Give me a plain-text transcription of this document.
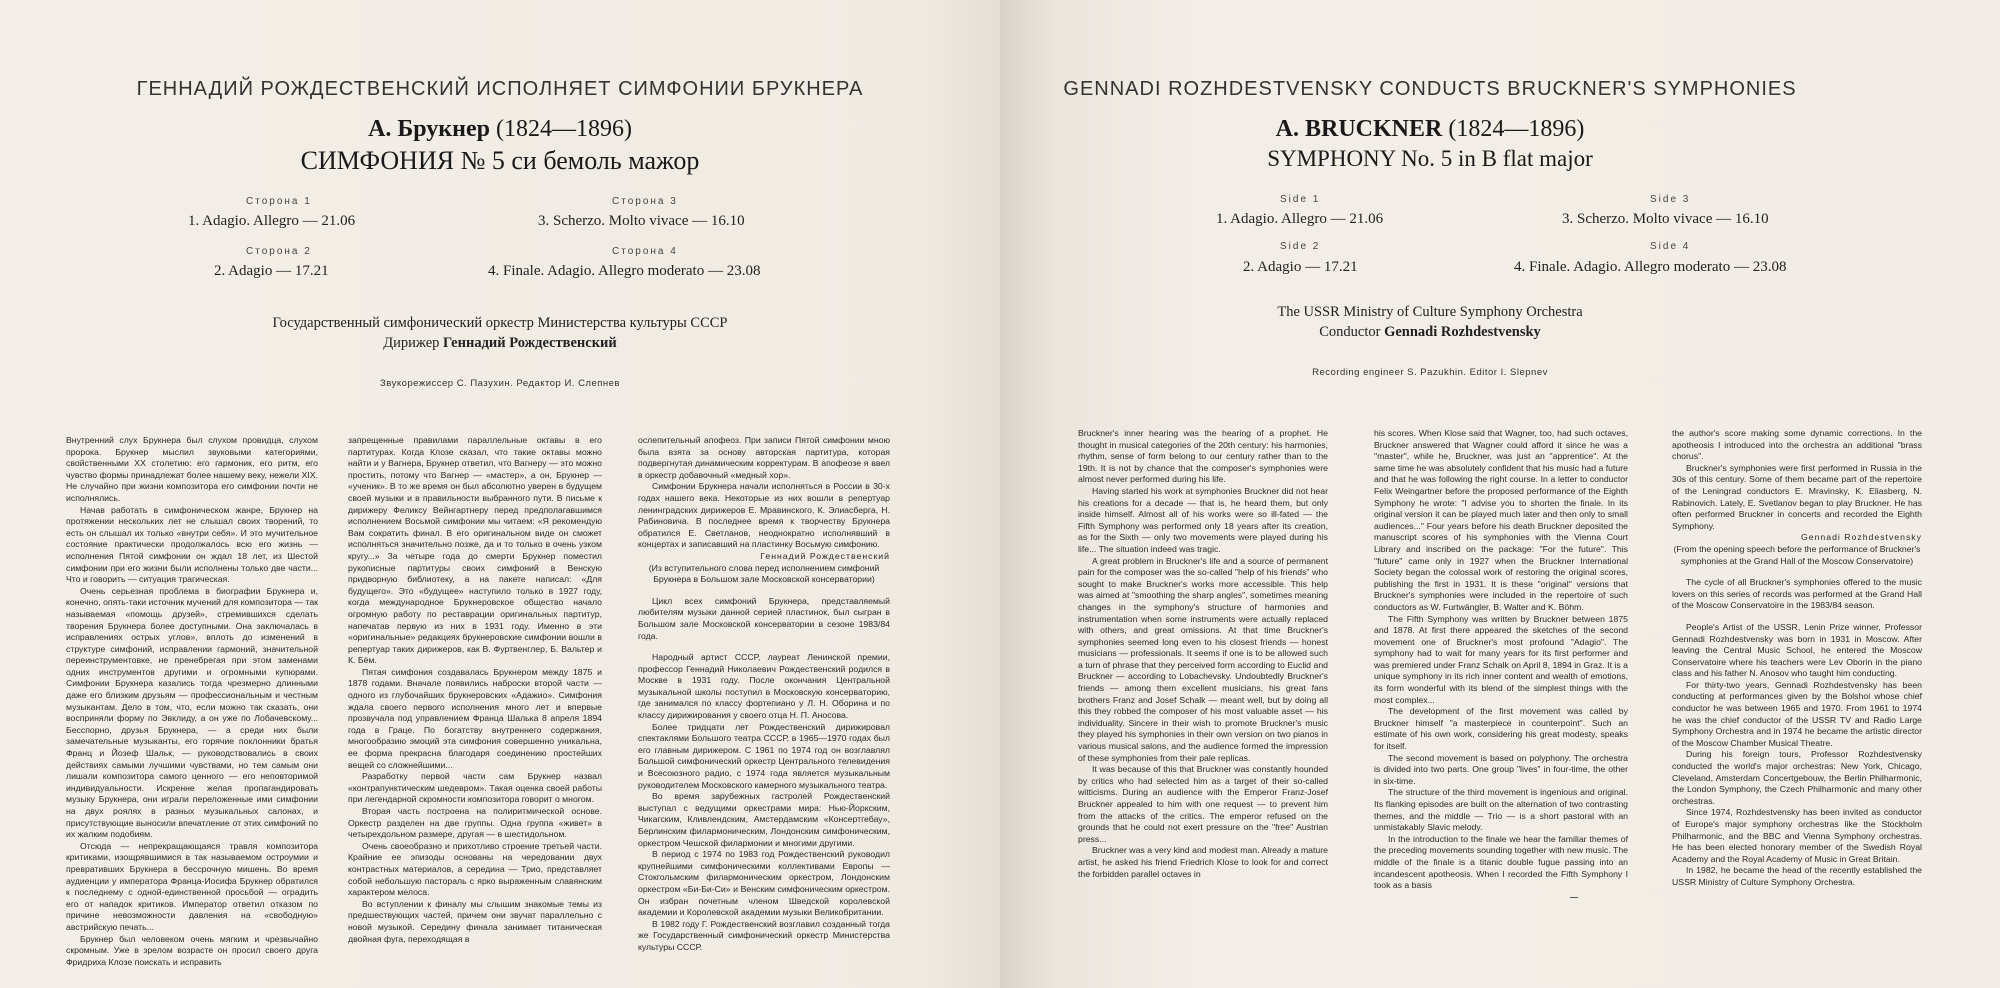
ГЕННАДИЙ РОЖДЕСТВЕНСКИЙ ИСПОЛНЯЕТ СИМФОНИИ БРУКНЕРА
А. Брукнер (1824—1896)
СИМФОНИЯ № 5 си бемоль мажор
Сторона 1
1. Adagio. Allegro — 21.06
Сторона 2
2. Adagio — 17.21
Сторона 3
3. Scherzo. Molto vivace — 16.10
Сторона 4
4. Finale. Adagio. Allegro moderato — 23.08
Государственный симфонический оркестр Министерства культуры СССР
Дирижер Геннадий Рождественский
Звукорежиссер С. Пазухин. Редактор И. Слепнев

Внутренний слух Брукнера был слухом провидца, слухом пророка. Брукнер мыслил звуковыми категориями, свойственными XX столетию: его гармоник, его ритм, его чувство формы принадлежат более нашему веку, нежели XIX. Не случайно при жизни композитора его симфонии почти не исполнялись.

Начав работать в симфоническом жанре, Брукнер на протяжении нескольких лет не слышал своих творений, то есть он слышал их только «внутри себя». И это мучительное состояние практически продолжалось всю его жизнь — исполнения Пятой симфонии он ждал 18 лет, из Шестой симфонии при его жизни были исполнены только две части... Что и говорить — ситуация трагическая.

Очень серьезная проблема в биографии Брукнера и, конечно, опять-таки источник мучений для композитора — так называемая «помощь друзей», стремившихся сделать творения Брукнера более доступными. Она заключалась в исправлениях острых углов», вплоть до изменений в структуре симфоний, исправлении гармоний, значительной переинструментовке, не пренебрегая при этом заменами одних инструментов другими и огромными купюрами. Симфонии Брукнера казались тогда чрезмерно длинными даже его близким друзьям — профессиональным и честным музыкантам. Дело в том, что, если можно так сказать, они восприняли форму по Эвклиду, а он уже по Лобачевскому... Бесспорно, друзья Брукнера, — а среди них были замечательные музыканты, его горячие поклонники братья Франц и Йозеф Шальк, — руководствовались в своих действиях самыми лучшими чувствами, но тем самым они лишали композитора самого ценного — его неповторимой индивидуальности. Искренне желая пропагандировать музыку Брукнера, они играли переложенные ими симфонии на двух роялях в разных музыкальных салонах, и присутствующие выносили впечатление от этих симфоний по их жалким подобиям.

Отсюда — непрекращающаяся травля композитора критиками, изощрявшимися в так называемом остроумии и превративших Брукнера в бессрочную мишень. Во время аудиенции у императора Франца-Иосифа Брукнер обратился к последнему с одной-единственной просьбой — оградить его от нападок критиков. Император ответил отказом по причине невозможности давления на «свободную» австрийскую печать...

Брукнер был человеком очень мягким и чрезвычайно скромным. Уже в зрелом возрасте он просил своего друга Фридриха Клозе поискать и исправить

запрещенные правилами параллельные октавы в его партитурах. Когда Клозе сказал, что такие октавы можно найти и у Вагнера, Брукнер ответил, что Вагнеру — это можно простить, потому что Вагнер — «мастер», а он, Брукнер — «ученик». В то же время он был абсолютно уверен в будущем своей музыки и в правильности выбранного пути. В письме к дирижеру Феликсу Вейнгартнеру перед предполагавшимся исполнением Восьмой симфонии мы читаем: «Я рекомендую Вам сократить финал. В его оригинальном виде он сможет исполняться значительно позже, да и то только в очень узком кругу...» За четыре года до смерти Брукнер поместил рукописные партитуры своих симфоний в Венскую придворную библиотеку, а на пакете написал: «Для будущего». Это «будущее» наступило только в 1927 году, когда международное Брукнеровское общество начало огромную работу по реставрации оригинальных партитур, напечатав первую из них в 1931 году. Именно в эти «оригинальные» редакциях брукнеровские симфонии вошли в репертуар таких дирижеров, как В. Фуртвенглер, Б. Вальтер и К. Бём.

Пятая симфония создавалась Брукнером между 1875 и 1878 годами. Вначале появились наброски второй части — одного из глубочайших брукнеровских «Адажио». Симфония ждала своего первого исполнения много лет и впервые прозвучала под управлением Франца Шалька 8 апреля 1894 года в Граце. По богатству внутреннего содержания, многообразию эмоций эта симфония совершенно уникальна, ее форма прекрасна благодаря соединению простейших вещей со сложнейшими...

Разработку первой части сам Брукнер назвал «контрапунктическим шедевром». Такая оценка своей работы при легендарной скромности композитора говорит о многом.

Вторая часть построена на полиритмической основе. Оркестр разделен на две группы. Одна группа «живет» в четырехдольном размере, другая — в шестидольном.

Очень своеобразно и прихотливо строение третьей части. Крайние ее эпизоды основаны на чередовании двух контрастных материалов, а середина — Трио, представляет собой небольшую пастораль с ярко выраженным славянским характером мелоса.

Во вступлении к финалу мы слышим знакомые темы из предшествующих частей, причем они звучат параллельно с новой музыкой. Середину финала занимает титаническая двойная фуга, переходящая в

ослепительный апофеоз. При записи Пятой симфонии мною была взята за основу авторская партитура, которая подвергнутая динамическим корректурам. В апофеозе я ввел в оркестр добавочный «медный хор».

Симфонии Брукнера начали исполняться в России в 30-х годах нашего века. Некоторые из них вошли в репертуар ленинградских дирижеров Е. Мравинского, К. Элиасберга, Н. Рабиновича. В последнее время к творчеству Брукнера обратился Е. Светланов, неоднократно исполнявший в концертах и записавший на пластинку Восьмую симфонию.

Геннадий Рождественский

(Из вступительного слова перед исполнением симфоний Брукнера в Большом зале Московской консерватории)

Цикл всех симфоний Брукнера, представляемый любителям музыки данной серией пластинок, был сыгран в Большом зале Московской консерватории в сезоне 1983/84 года.

Народный артист СССР, лауреат Ленинской премии, профессор Геннадий Николаевич Рождественский родился в Москве в 1931 году. После окончания Центральной музыкальной школы поступил в Московскую консерваторию, где занимался по классу фортепиано у Л. Н. Оборина и по классу дирижирования у своего отца Н. П. Аносова.

Более тридцати лет Рождественский дирижировал спектаклями Большого театра СССР, в 1965—1970 годах был его главным дирижером. С 1961 по 1974 год он возглавлял Большой симфонический оркестр Центрального телевидения и Всесоюзного радио, с 1974 года является музыкальным руководителем Московского камерного музыкального театра.

Во время зарубежных гастролей Рождественский выступал с ведущими оркестрами мира: Нью-Йоркским, Чикагским, Кливлендским, Амстердамским «Консертгебау», Берлинским филармоническим, Лондонским симфоническим, оркестром Чешской филармонии и многими другими.

В период с 1974 по 1983 год Рождественский руководил крупнейшими симфоническими коллективами Европы — Стокгольмским филармоническим оркестром, Лондонским оркестром «Би-Би-Си» и Венским симфоническим оркестром. Он избран почетным членом Шведской королевской академии и Королевской академии музыки Великобритании.

В 1982 году Г. Рождественский возглавил созданный тогда же Государственный симфонический оркестр Министерства культуры СССР.

GENNADI ROZHDESTVENSKY CONDUCTS BRUCKNER'S SYMPHONIES
A. BRUCKNER (1824—1896)
SYMPHONY No. 5 in B flat major
Side 1
1. Adagio. Allegro — 21.06
Side 2
2. Adagio — 17.21
Side 3
3. Scherzo. Molto vivace — 16.10
Side 4
4. Finale. Adagio. Allegro moderato — 23.08
The USSR Ministry of Culture Symphony Orchestra
Conductor Gennadi Rozhdestvensky
Recording engineer S. Pazukhin. Editor I. Slepnev

Bruckner's inner hearing was the hearing of a prophet. He thought in musical categories of the 20th century: his harmonies, rhythm, sense of form belong to our century rather than to the 19th. It is not by chance that the composer's symphonies were almost never performed during his life.

Having started his work at symphonies Bruckner did not hear his creations for a decade — that is, he heard them, but only inside himself. Almost all of his works were so ill-fated — the Fifth Symphony was performed only 18 years after its creation, as for the Sixth — only two movements were played during his life... The situation indeed was tragic.

A great problem in Bruckner's life and a source of permanent pain for the composer was the so-called "help of his friends" who sought to make Bruckner's works more accessible. This help was aimed at "smoothing the sharp angles", sometimes meaning changes in the symphony's structure of harmonies and instrumentation when some instruments were actually replaced with others, and great omissions. At that time Bruckner's symphonies seemed long even to his closest friends — honest musicians — professionals. It seems if one is to be allowed such a turn of phrase that they perceived form according to Euclid and Bruckner — according to Lobachevsky. Undoubtedly Bruckner's friends — among them excellent musicians, his great fans brothers Franz and Josef Schalk — meant well, but by doing all this they robbed the composer of his most valuable asset — his individuality. Sincere in their wish to promote Bruckner's music they played his symphonies in their own version on two pianos in various musical salons, and the audience formed the impression of these symphonies from their pale replicas.

It was because of this that Bruckner was constantly hounded by critics who had selected him as a target of their so-called witticisms. During an audience with the Emperor Franz-Josef Bruckner appealed to him with one request — to prevent him from the attacks of the critics. The emperor refused on the grounds that he could not exert pressure on the "free" Austrian press...

Bruckner was a very kind and modest man. Already a mature artist, he asked his friend Friedrich Klose to look for and correct the forbidden parallel octaves in

his scores. When Klose said that Wagner, too, had such octaves, Bruckner answered that Wagner could afford it since he was a "master", while he, Bruckner, was just an "apprentice". At the same time he was absolutely confident that his music had a future and that he was following the right course. In a letter to conductor Felix Weingartner before the proposed performance of the Eighth Symphony he wrote: "I advise you to shorten the finale. In its original version it can be played much later and then only to small audiences..." Four years before his death Bruckner deposited the manuscript scores of his symphonies with the Vienna Court Library and inscribed on the package: "For the future". This "future" came only in 1927 when the Bruckner International Society began the colossal work of restoring the original scores, publishing the first in 1931. It is these "original" versions that Bruckner's symphonies were included in the repertoire of such conductors as W. Furtwängler, B. Walter and K. Böhm.

The Fifth Symphony was written by Bruckner between 1875 and 1878. At first there appeared the sketches of the second movement one of Bruckner's most profound "Adagio". The symphony had to wait for many years for its first performer and was premiered under Franz Schalk on April 8, 1894 in Graz. It is a unique symphony in its rich inner content and wealth of emotions, its form wonderful with its blend of the simplest things with the most complex...

The development of the first movement was called by Bruckner himself "a masterpiece in counterpoint". Such an estimate of his own work, considering his great modesty, speaks for itself.

The second movement is based on polyphony. The orchestra is divided into two parts. One group "lives" in four-time, the other in six-time.

The structure of the third movement is ingenious and original. Its flanking episodes are built on the alternation of two contrasting themes, and the middle — Trio — is a short pastoral with an unmistakably Slavic melody.

In the introduction to the finale we hear the familiar themes of the preceding movements sounding together with new music. The middle of the finale is a titanic double fugue passing into an incandescent apotheosis. When I recorded the Fifth Symphony I took as a basis

the author's score making some dynamic corrections. In the apotheosis I introduced into the orchestra an additional "brass chorus".

Bruckner's symphonies were first performed in Russia in the 30s of this century. Some of them became part of the repertoire of the Leningrad conductors E. Mravinsky, K. Eliasberg, N. Rabinovich. Lately, E. Svetlanov began to play Bruckner. He has often performed Bruckner in concerts and recorded the Eighth Symphony.

Gennadi Rozhdestvensky

(From the opening speech before the performance of Bruckner's symphonies at the Grand Hall of the Moscow Conservatoire)

The cycle of all Bruckner's symphonies offered to the music lovers on this series of records was performed at the Grand Hall of the Moscow Conservatoire in the 1983/84 season.

People's Artist of the USSR, Lenin Prize winner, Professor Gennadi Rozhdestvensky was born in 1931 in Moscow. After leaving the Central Music School, he entered the Moscow Conservatoire where his teachers were Lev Oborin in the piano class and his father N. Anosov who taught him conducting.

For thirty-two years, Gennadi Rozhdestvensky has been conducting at performances given by the Bolshoi whose chief conductor he was between 1965 and 1970. From 1961 to 1974 he was the chief conductor of the USSR TV and Radio Large Symphony Orchestra and in 1974 he became the artistic director of the Moscow Chamber Musical Theatre.

During his foreign tours, Professor Rozhdestvensky conducted the world's major orchestras: New York, Chicago, Cleveland, Amsterdam Concertgebouw, the Berlin Philharmonic, the London Symphony, the Czech Philharmonic and many other orchestras.

Since 1974, Rozhdestvensky has been invited as conductor of Europe's major symphony orchestras like the Stockholm Philharmonic, and the BBC and Vienna Symphony orchestras. He has been elected honorary member of the Swedish Royal Academy and the Royal Academy of Music in Great Britain.

In 1982, he became the head of the recently established the USSR Ministry of Culture Symphony Orchestra.
